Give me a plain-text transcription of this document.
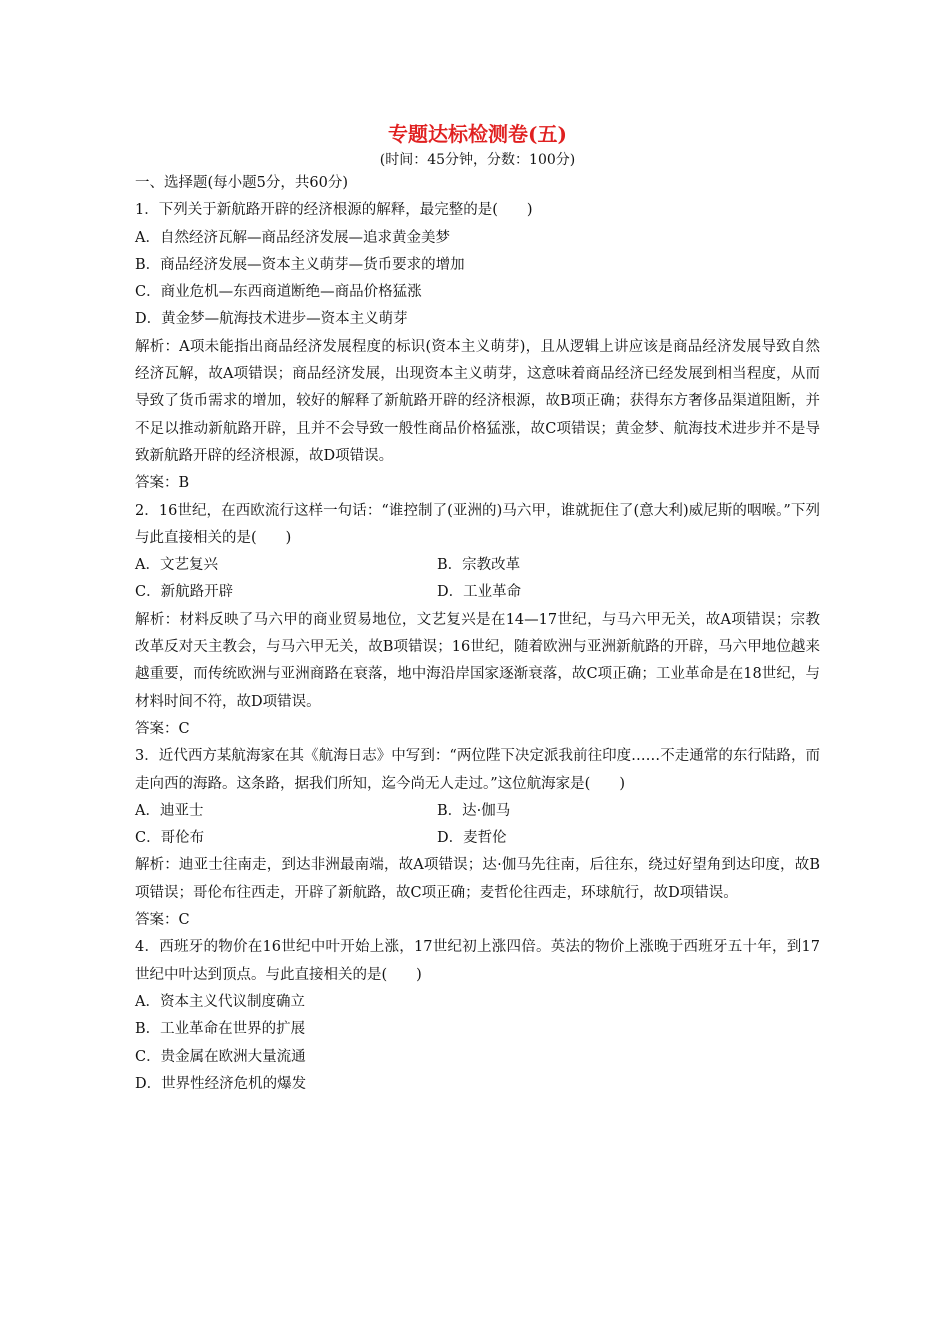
专题达标检测卷(五)

(时间：45分钟，分数：100分)

一、选择题(每小题5分，共60分)

1．下列关于新航路开辟的经济根源的解释，最完整的是(　　)

A．自然经济瓦解—商品经济发展—追求黄金美梦

B．商品经济发展—资本主义萌芽—货币要求的增加

C．商业危机—东西商道断绝—商品价格猛涨

D．黄金梦—航海技术进步—资本主义萌芽

解析：A项未能指出商品经济发展程度的标识(资本主义萌芽)，且从逻辑上讲应该是商品经济发展导致自然经济瓦解，故A项错误；商品经济发展，出现资本主义萌芽，这意味着商品经济已经发展到相当程度，从而导致了货币需求的增加，较好的解释了新航路开辟的经济根源，故B项正确；获得东方奢侈品渠道阻断，并不足以推动新航路开辟，且并不会导致一般性商品价格猛涨，故C项错误；黄金梦、航海技术进步并不是导致新航路开辟的经济根源，故D项错误。

答案：B

2．16世纪，在西欧流行这样一句话：“谁控制了(亚洲的)马六甲，谁就扼住了(意大利)威尼斯的咽喉。”下列与此直接相关的是(　　)

A．文艺复兴	B．宗教改革
C．新航路开辟	D．工业革命

解析：材料反映了马六甲的商业贸易地位，文艺复兴是在14—17世纪，与马六甲无关，故A项错误；宗教改革反对天主教会，与马六甲无关，故B项错误；16世纪，随着欧洲与亚洲新航路的开辟，马六甲地位越来越重要，而传统欧洲与亚洲商路在衰落，地中海沿岸国家逐渐衰落，故C项正确；工业革命是在18世纪，与材料时间不符，故D项错误。

答案：C

3．近代西方某航海家在其《航海日志》中写到：“两位陛下决定派我前往印度……不走通常的东行陆路，而走向西的海路。这条路，据我们所知，迄今尚无人走过。”这位航海家是(　　)

A．迪亚士	B．达·伽马
C．哥伦布	D．麦哲伦

解析：迪亚士往南走，到达非洲最南端，故A项错误；达·伽马先往南，后往东，绕过好望角到达印度，故B项错误；哥伦布往西走，开辟了新航路，故C项正确；麦哲伦往西走，环球航行，故D项错误。

答案：C

4．西班牙的物价在16世纪中叶开始上涨，17世纪初上涨四倍。英法的物价上涨晚于西班牙五十年，到17世纪中叶达到顶点。与此直接相关的是(　　)

A．资本主义代议制度确立

B．工业革命在世界的扩展

C．贵金属在欧洲大量流通

D．世界性经济危机的爆发
